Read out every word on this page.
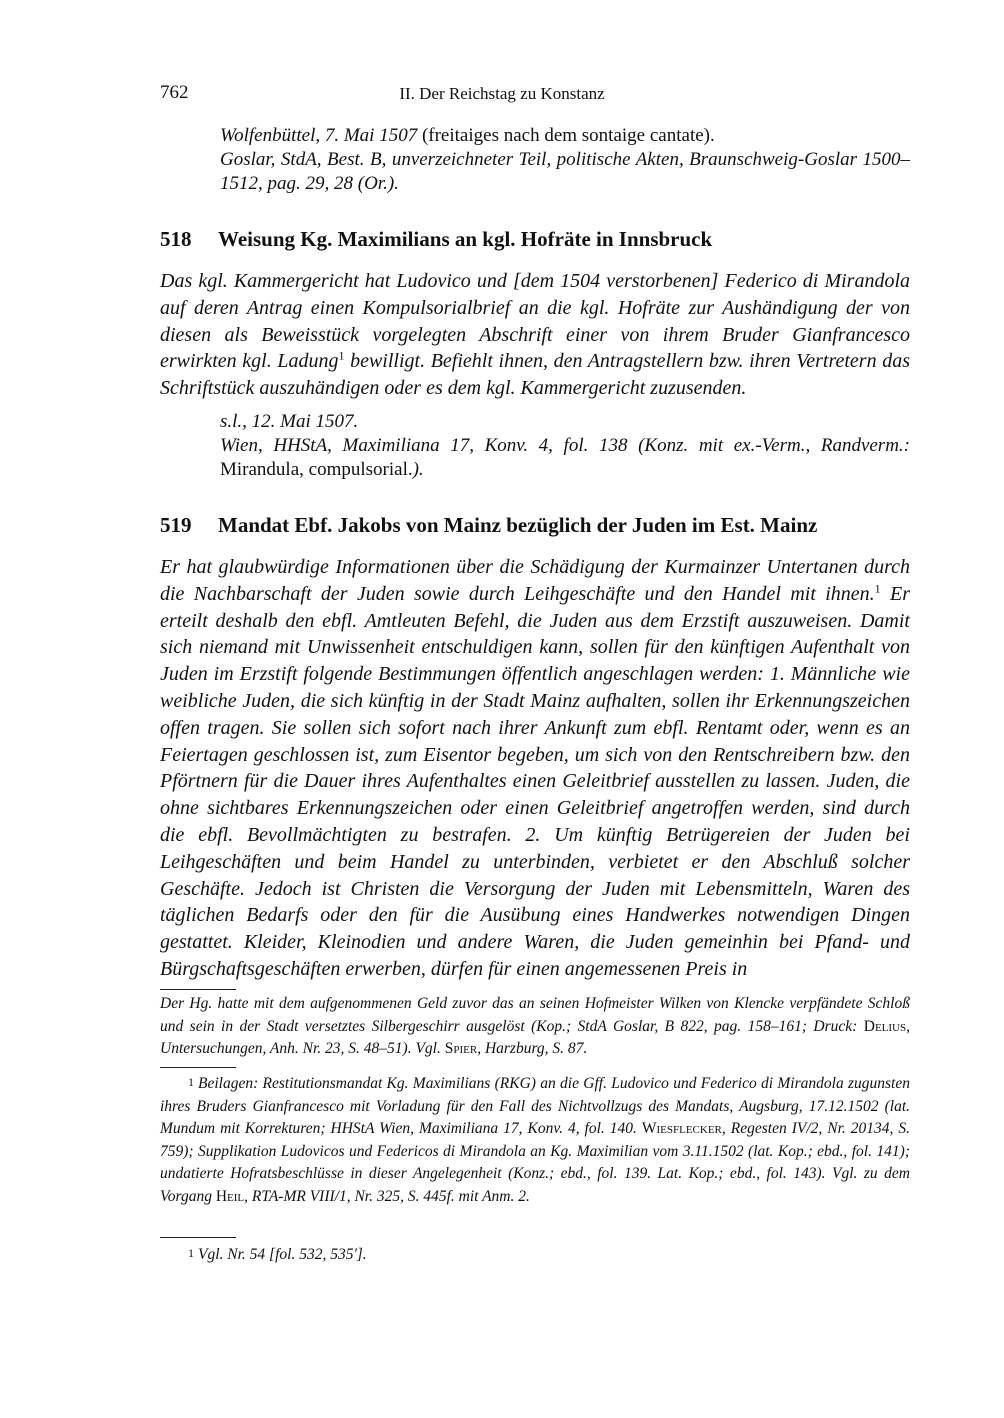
762	II. Der Reichstag zu Konstanz
Wolfenbüttel, 7. Mai 1507 (freitaiges nach dem sontaige cantate).
Goslar, StdA, Best. B, unverzeichneter Teil, politische Akten, Braunschweig-Goslar 1500–1512, pag. 29, 28 (Or.).
518 Weisung Kg. Maximilians an kgl. Hofräte in Innsbruck
Das kgl. Kammergericht hat Ludovico und [dem 1504 verstorbenen] Federico di Mirandola auf deren Antrag einen Kompulsorialbrief an die kgl. Hofräte zur Aushändigung der von diesen als Beweisstück vorgelegten Abschrift einer von ihrem Bruder Gianfrancesco erwirkten kgl. Ladung$^1$ bewilligt. Befiehlt ihnen, den Antragstellern bzw. ihren Vertretern das Schriftstück auszuhändigen oder es dem kgl. Kammergericht zuzusenden.
s.l., 12. Mai 1507.
Wien, HHStA, Maximiliana 17, Konv. 4, fol. 138 (Konz. mit ex.-Verm., Randverm.: Mirandula, compulsorial.).
519 Mandat Ebf. Jakobs von Mainz bezüglich der Juden im Est. Mainz
Er hat glaubwürdige Informationen über die Schädigung der Kurmainzer Untertanen durch die Nachbarschaft der Juden sowie durch Leihgeschäfte und den Handel mit ihnen.$^1$ Er erteilt deshalb den ebfl. Amtleuten Befehl, die Juden aus dem Erzstift auszuweisen. Damit sich niemand mit Unwissenheit entschuldigen kann, sollen für den künftigen Aufenthalt von Juden im Erzstift folgende Bestimmungen öffentlich angeschlagen werden: 1. Männliche wie weibliche Juden, die sich künftig in der Stadt Mainz aufhalten, sollen ihr Erkennungszeichen offen tragen. Sie sollen sich sofort nach ihrer Ankunft zum ebfl. Rentamt oder, wenn es an Feiertagen geschlossen ist, zum Eisentor begeben, um sich von den Rentschreibern bzw. den Pförtnern für die Dauer ihres Aufenthaltes einen Geleitbrief ausstellen zu lassen. Juden, die ohne sichtbares Erkennungszeichen oder einen Geleitbrief angetroffen werden, sind durch die ebfl. Bevollmächtigten zu bestrafen. 2. Um künftig Betrügereien der Juden bei Leihgeschäften und beim Handel zu unterbinden, verbietet er den Abschluß solcher Geschäfte. Jedoch ist Christen die Versorgung der Juden mit Lebensmitteln, Waren des täglichen Bedarfs oder den für die Ausübung eines Handwerkes notwendigen Dingen gestattet. Kleider, Kleinodien und andere Waren, die Juden gemeinhin bei Pfand- und Bürgschaftsgeschäften erwerben, dürfen für einen angemessenen Preis in
Der Hg. hatte mit dem aufgenommenen Geld zuvor das an seinen Hofmeister Wilken von Klencke verpfändete Schloß und sein in der Stadt versetztes Silbergeschirr ausgelöst (Kop.; StdA Goslar, B 822, pag. 158–161; Druck: Delius, Untersuchungen, Anh. Nr. 23, S. 48–51). Vgl. Spier, Harzburg, S. 87.
1 Beilagen: Restitutionsmandat Kg. Maximilians (RKG) an die Gff. Ludovico und Federico di Mirandola zugunsten ihres Bruders Gianfrancesco mit Vorladung für den Fall des Nichtvollzugs des Mandats, Augsburg, 17.12.1502 (lat. Mundum mit Korrekturen; HHStA Wien, Maximiliana 17, Konv. 4, fol. 140. Wiesflecker, Regesten IV/2, Nr. 20134, S. 759); Supplikation Ludovicos und Federicos di Mirandola an Kg. Maximilian vom 3.11.1502 (lat. Kop.; ebd., fol. 141); undatierte Hofratsbeschlüsse in dieser Angelegenheit (Konz.; ebd., fol. 139. Lat. Kop.; ebd., fol. 143). Vgl. zu dem Vorgang Heil, RTA-MR VIII/1, Nr. 325, S. 445f. mit Anm. 2.
1 Vgl. Nr. 54 [fol. 532, 535'].
